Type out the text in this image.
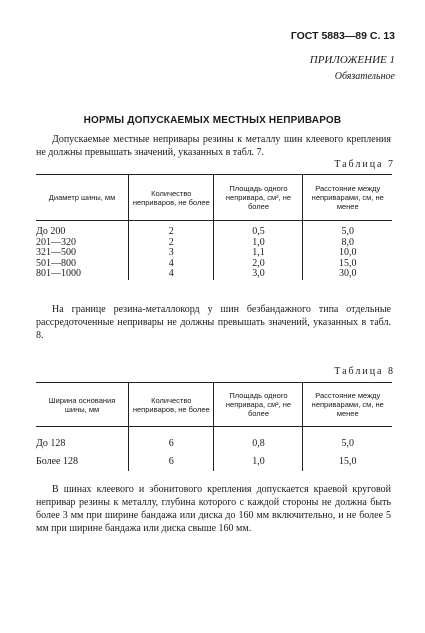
ГОСТ 5883—89 С. 13
ПРИЛОЖЕНИЕ 1
Обязательное
НОРМЫ ДОПУСКАЕМЫХ МЕСТНЫХ НЕПРИВАРОВ

Допускаемые местные непривары резины к металлу шин клеевого крепления не должны превышать значений, указанных в табл. 7.

Таблица 7
Диаметр шины, мм	Количество непривaров, не более	Площадь одного непривара, см², не более	Расстояние между непривaрами, см, не менее
До 200	2	0,5	5,0
201—320	2	1,0	8,0
321—500	3	1,1	10,0
501—800	4	2,0	15,0
801—1000	4	3,0	30,0

На границе резина-металлокорд у шин безбандажного типа отдельные рассредоточенные непривары не должны превышать значений, указанных в табл. 8.

Таблица 8
Ширина основания шины, мм	Количество непривaров, не более	Площадь одного непривара, см², не более	Расстояние между непривaрами, см, не менее
До 128	6	0,8	5,0
Более 128	6	1,0	15,0

В шинах клеевого и эбонитового крепления допускается краевой круговой непривар резины к металлу, глубина которого с каждой стороны не должна быть более 3 мм при ширине бандажа или диска до 160 мм включительно, и не более 5 мм при ширине бандажа или диска свыше 160 мм.
